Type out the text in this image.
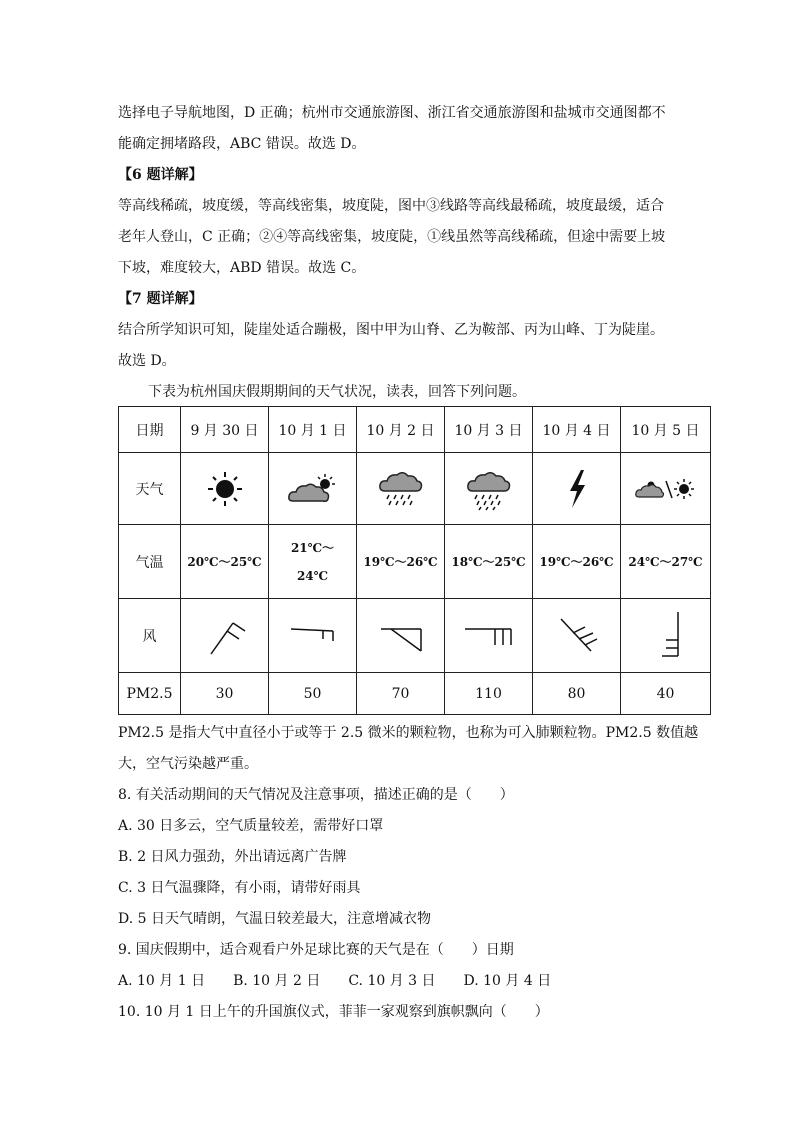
选择电子导航地图，D 正确；杭州市交通旅游图、浙江省交通旅游图和盐城市交通图都不
能确定拥堵路段，ABC 错误。故选 D。
【6 题详解】
等高线稀疏，坡度缓，等高线密集，坡度陡，图中③线路等高线最稀疏，坡度最缓，适合
老年人登山，C 正确；②④等高线密集，坡度陡，①线虽然等高线稀疏，但途中需要上坡
下坡，难度较大，ABD 错误。故选 C。
【7 题详解】
结合所学知识可知，陡崖处适合蹦极，图中甲为山脊、乙为鞍部、丙为山峰、丁为陡崖。
故选 D。
下表为杭州国庆假期期间的天气状况，读表，回答下列问题。
日期	9 月 30 日	10 月 1 日	10 月 2 日	10 月 3 日	10 月 4 日	10 月 5 日
天气	

气温	20℃～25℃	21℃～
24℃	19℃～26℃	18℃～25℃	19℃～26℃	24℃～27℃
风	

PM2.5	30	50	70	110	80	40
PM2.5 是指大气中直径小于或等于 2.5 微米的颗粒物，也称为可入肺颗粒物。PM2.5 数值越
大，空气污染越严重。
8. 有关活动期间的天气情况及注意事项，描述正确的是（　　）
A. 30 日多云，空气质量较差，需带好口罩
B. 2 日风力强劲，外出请远离广告牌
C. 3 日气温骤降，有小雨，请带好雨具
D. 5 日天气晴朗，气温日较差最大，注意增减衣物
9. 国庆假期中，适合观看户外足球比赛的天气是在（　　）日期
A. 10 月 1 日　　B. 10 月 2 日　　C. 10 月 3 日　　D. 10 月 4 日
10. 10 月 1 日上午的升国旗仪式，菲菲一家观察到旗帜飘向（　　）
